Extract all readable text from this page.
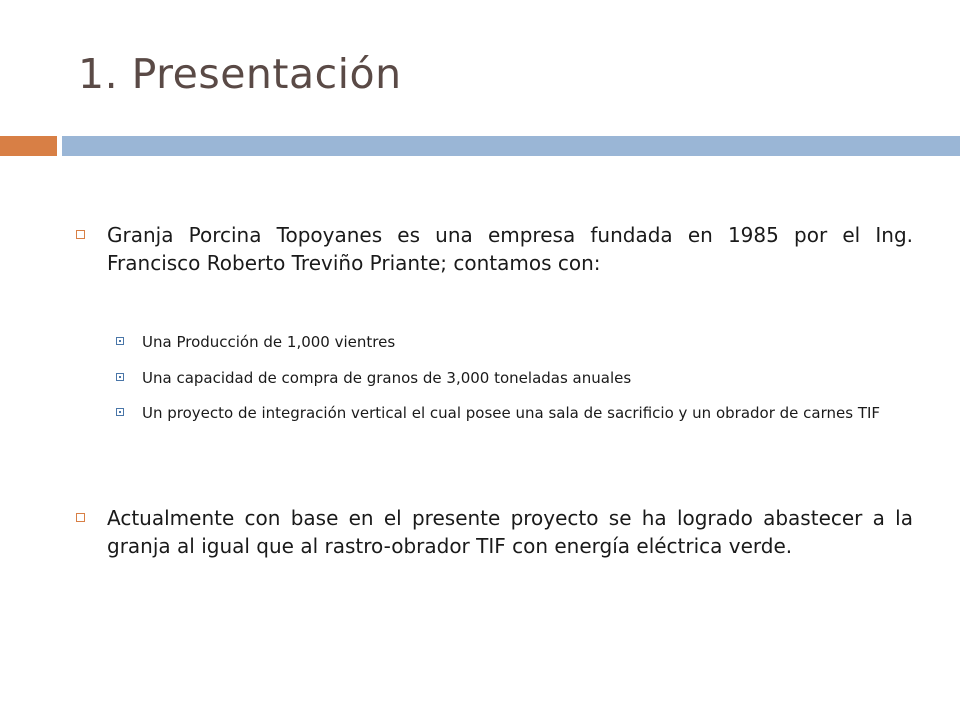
1. Presentación
Granja Porcina Topoyanes es una empresa fundada en 1985 por el Ing. Francisco Roberto Treviño Priante; contamos con:
Una Producción de 1,000 vientres
Una capacidad de compra de granos de 3,000 toneladas anuales
Un proyecto de integración vertical el cual posee una sala de sacrificio y un obrador de carnes TIF
Actualmente con base en el presente proyecto se ha logrado abastecer a la granja al igual que al rastro-obrador TIF con energía eléctrica verde.
